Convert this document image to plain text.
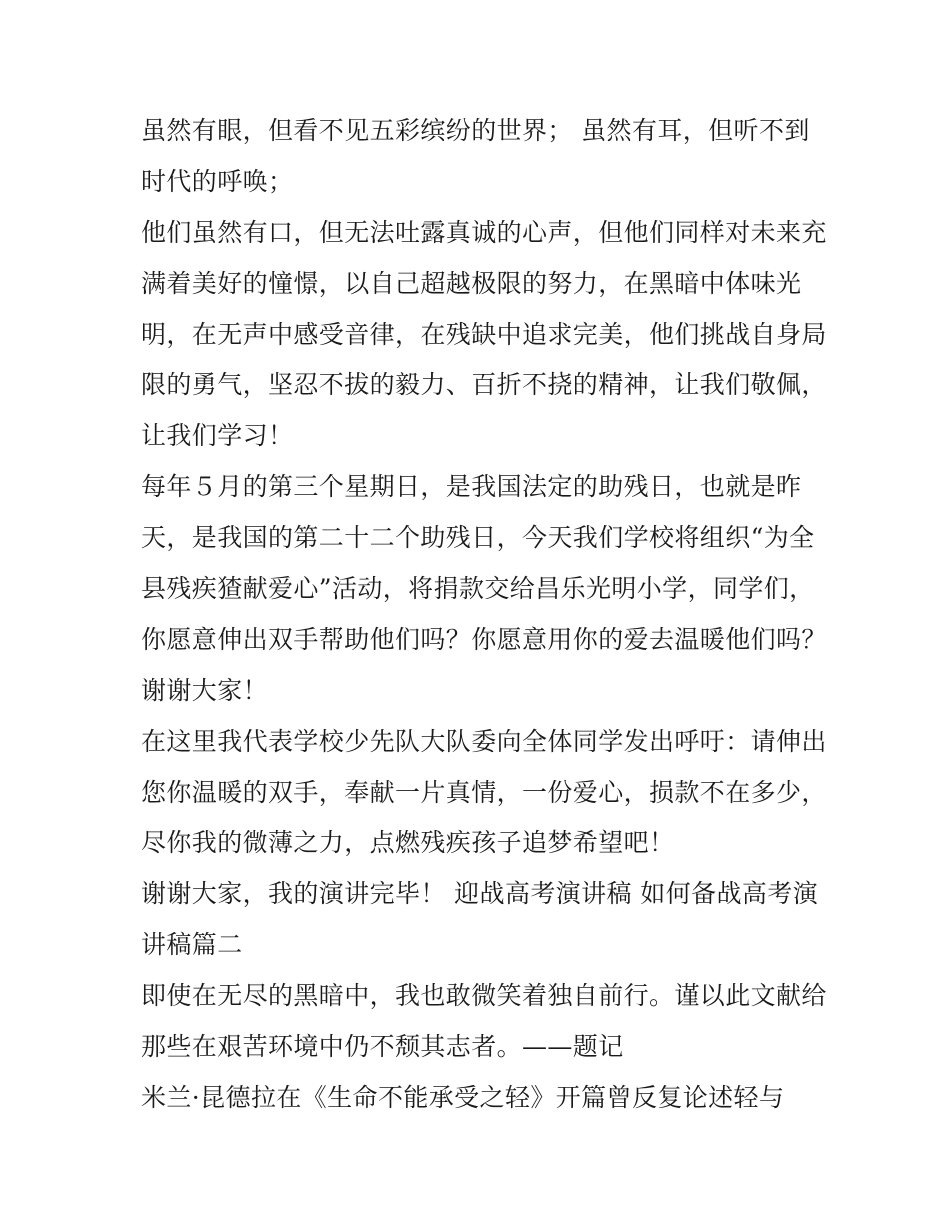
虽然有眼，但看不见五彩缤纷的世界； 虽然有耳，但听不到
时代的呼唤；
他们虽然有口，但无法吐露真诚的心声，但他们同样对未来充
满着美好的憧憬，以自己超越极限的努力，在黑暗中体味光
明，在无声中感受音律，在残缺中追求完美，他们挑战自身局
限的勇气，坚忍不拔的毅力、百折不挠的精神，让我们敬佩，
让我们学习！
每年５月的第三个星期日，是我国法定的助残日，也就是昨
天，是我国的第二十二个助残日，今天我们学校将组织“为全
县残疾猹献爱心”活动，将捐款交给昌乐光明小学，同学们，
你愿意伸出双手帮助他们吗？你愿意用你的爱去温暖他们吗？
谢谢大家！
在这里我代表学校少先队大队委向全体同学发出呼吁：请伸出
您你温暖的双手，奉献一片真情，一份爱心，损款不在多少，
尽你我的微薄之力，点燃残疾孩子追梦希望吧！
谢谢大家，我的演讲完毕！ 迎战高考演讲稿 如何备战高考演
讲稿篇二
即使在无尽的黑暗中，我也敢微笑着独自前行。谨以此文献给
那些在艰苦环境中仍不颓其志者。——题记
米兰·昆德拉在《生命不能承受之轻》开篇曾反复论述轻与
